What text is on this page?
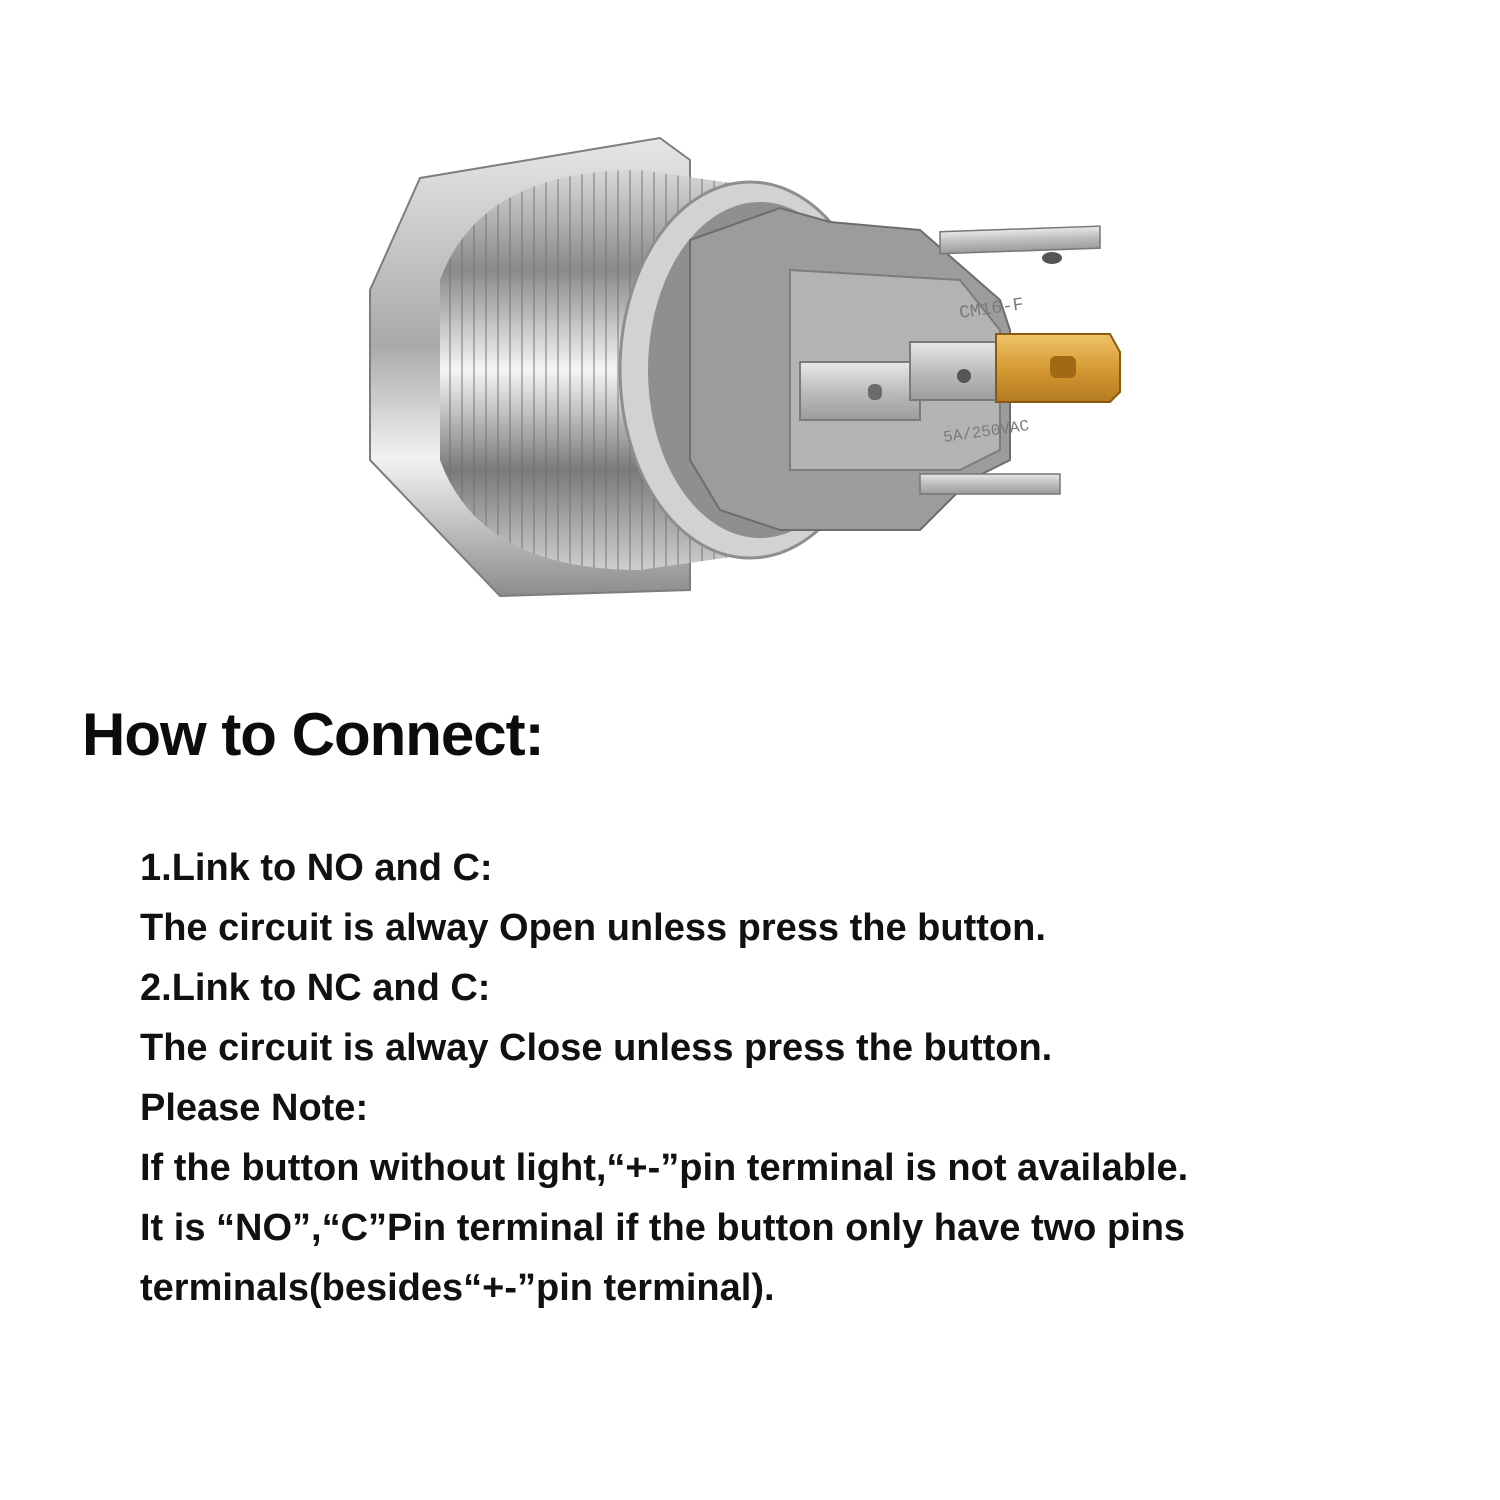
CM16-F
5A/250VAC
How to Connect:
1.Link to NO and C:
The circuit is alway Open unless press the button.
2.Link to NC and C:
The circuit is alway Close unless press the button.
Please Note:
If the button without light,“+-”pin terminal is not available.
It is “NO”,“C”Pin terminal if the button only have two pins
terminals(besides“+-”pin terminal).
